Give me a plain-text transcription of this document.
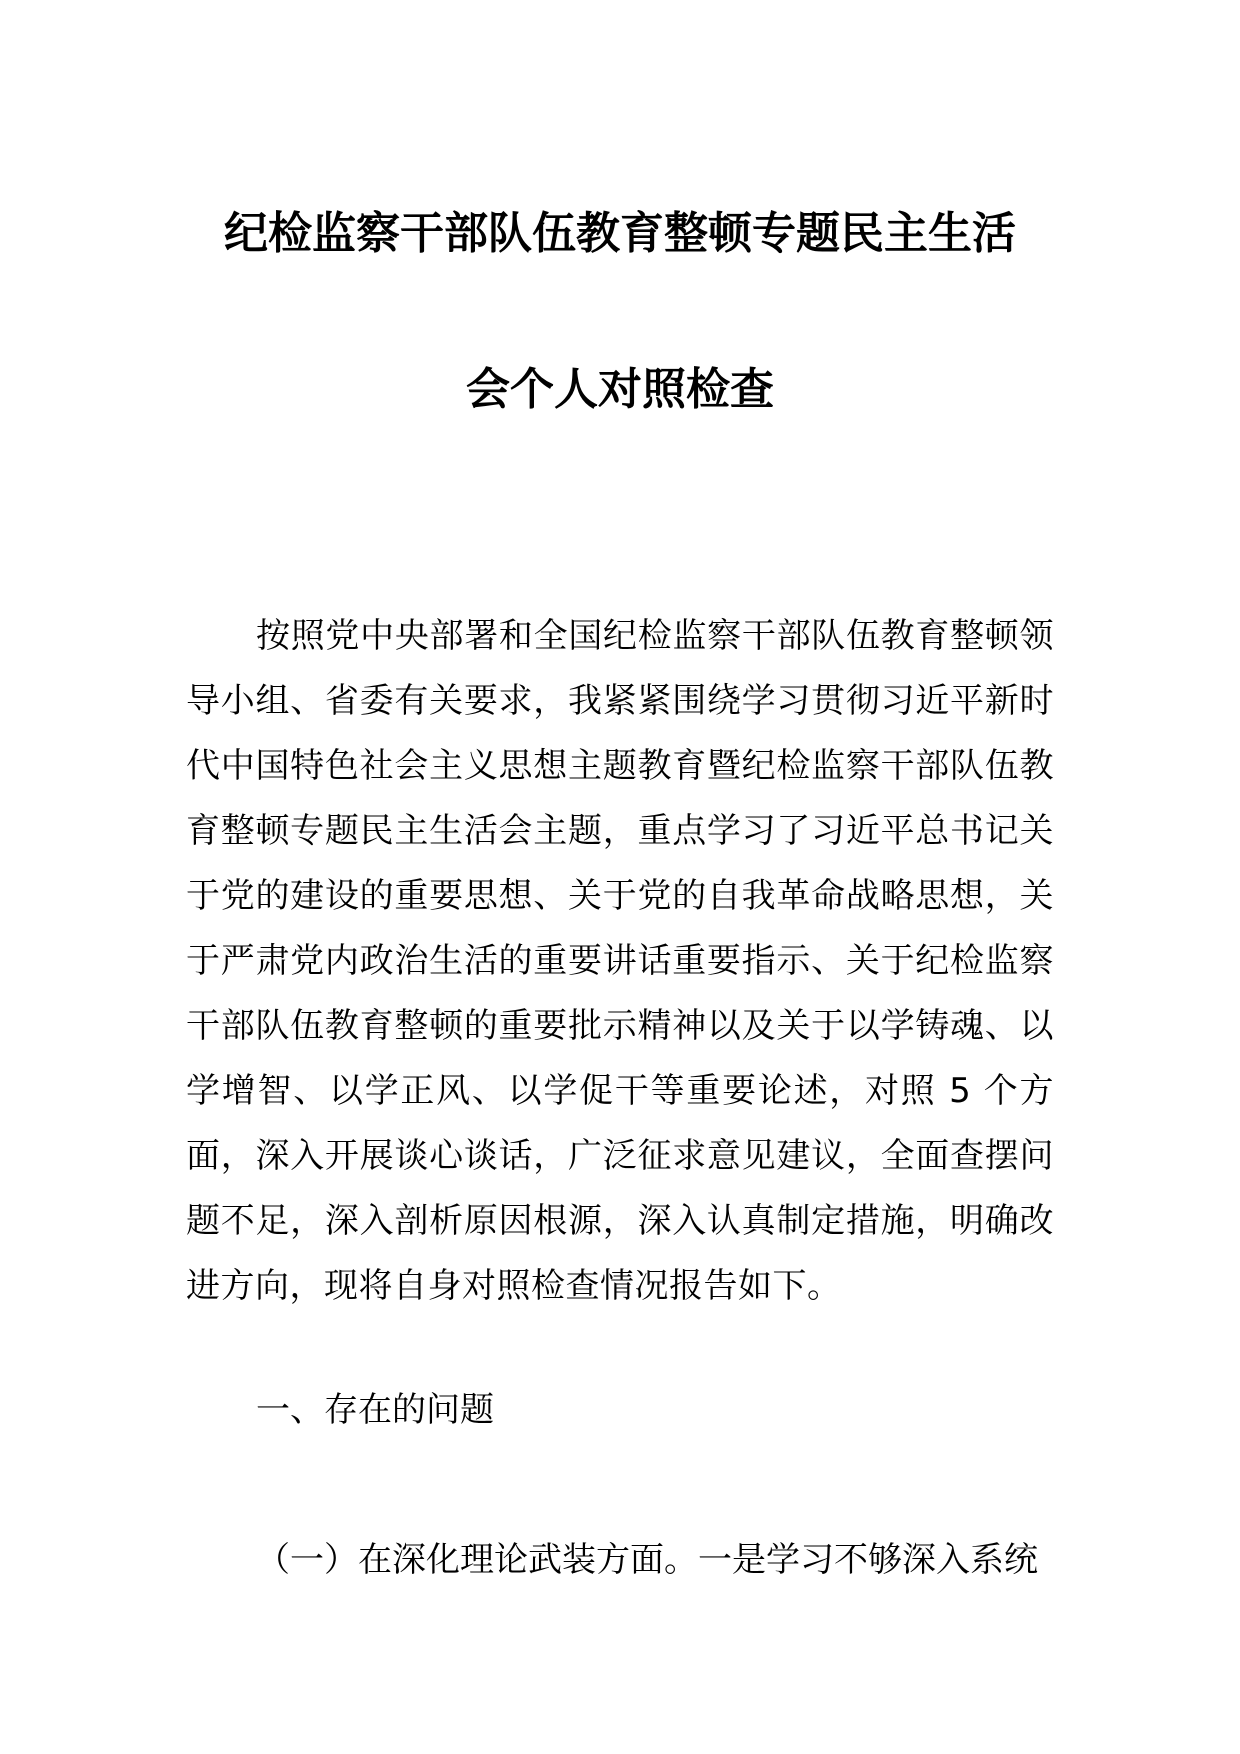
纪检监察干部队伍教育整顿专题民主生活
会个人对照检查

按照党中央部署和全国纪检监察干部队伍教育整顿领导小组、省委有关要求，我紧紧围绕学习贯彻习近平新时代中国特色社会主义思想主题教育暨纪检监察干部队伍教育整顿专题民主生活会主题，重点学习了习近平总书记关于党的建设的重要思想、关于党的自我革命战略思想，关于严肃党内政治生活的重要讲话重要指示、关于纪检监察干部队伍教育整顿的重要批示精神以及关于以学铸魂、以学增智、以学正风、以学促干等重要论述，对照 5 个方面，深入开展谈心谈话，广泛征求意见建议，全面查摆问题不足，深入剖析原因根源，深入认真制定措施，明确改进方向，现将自身对照检查情况报告如下。

一、存在的问题

（一）在深化理论武装方面。一是学习不够深入系统
